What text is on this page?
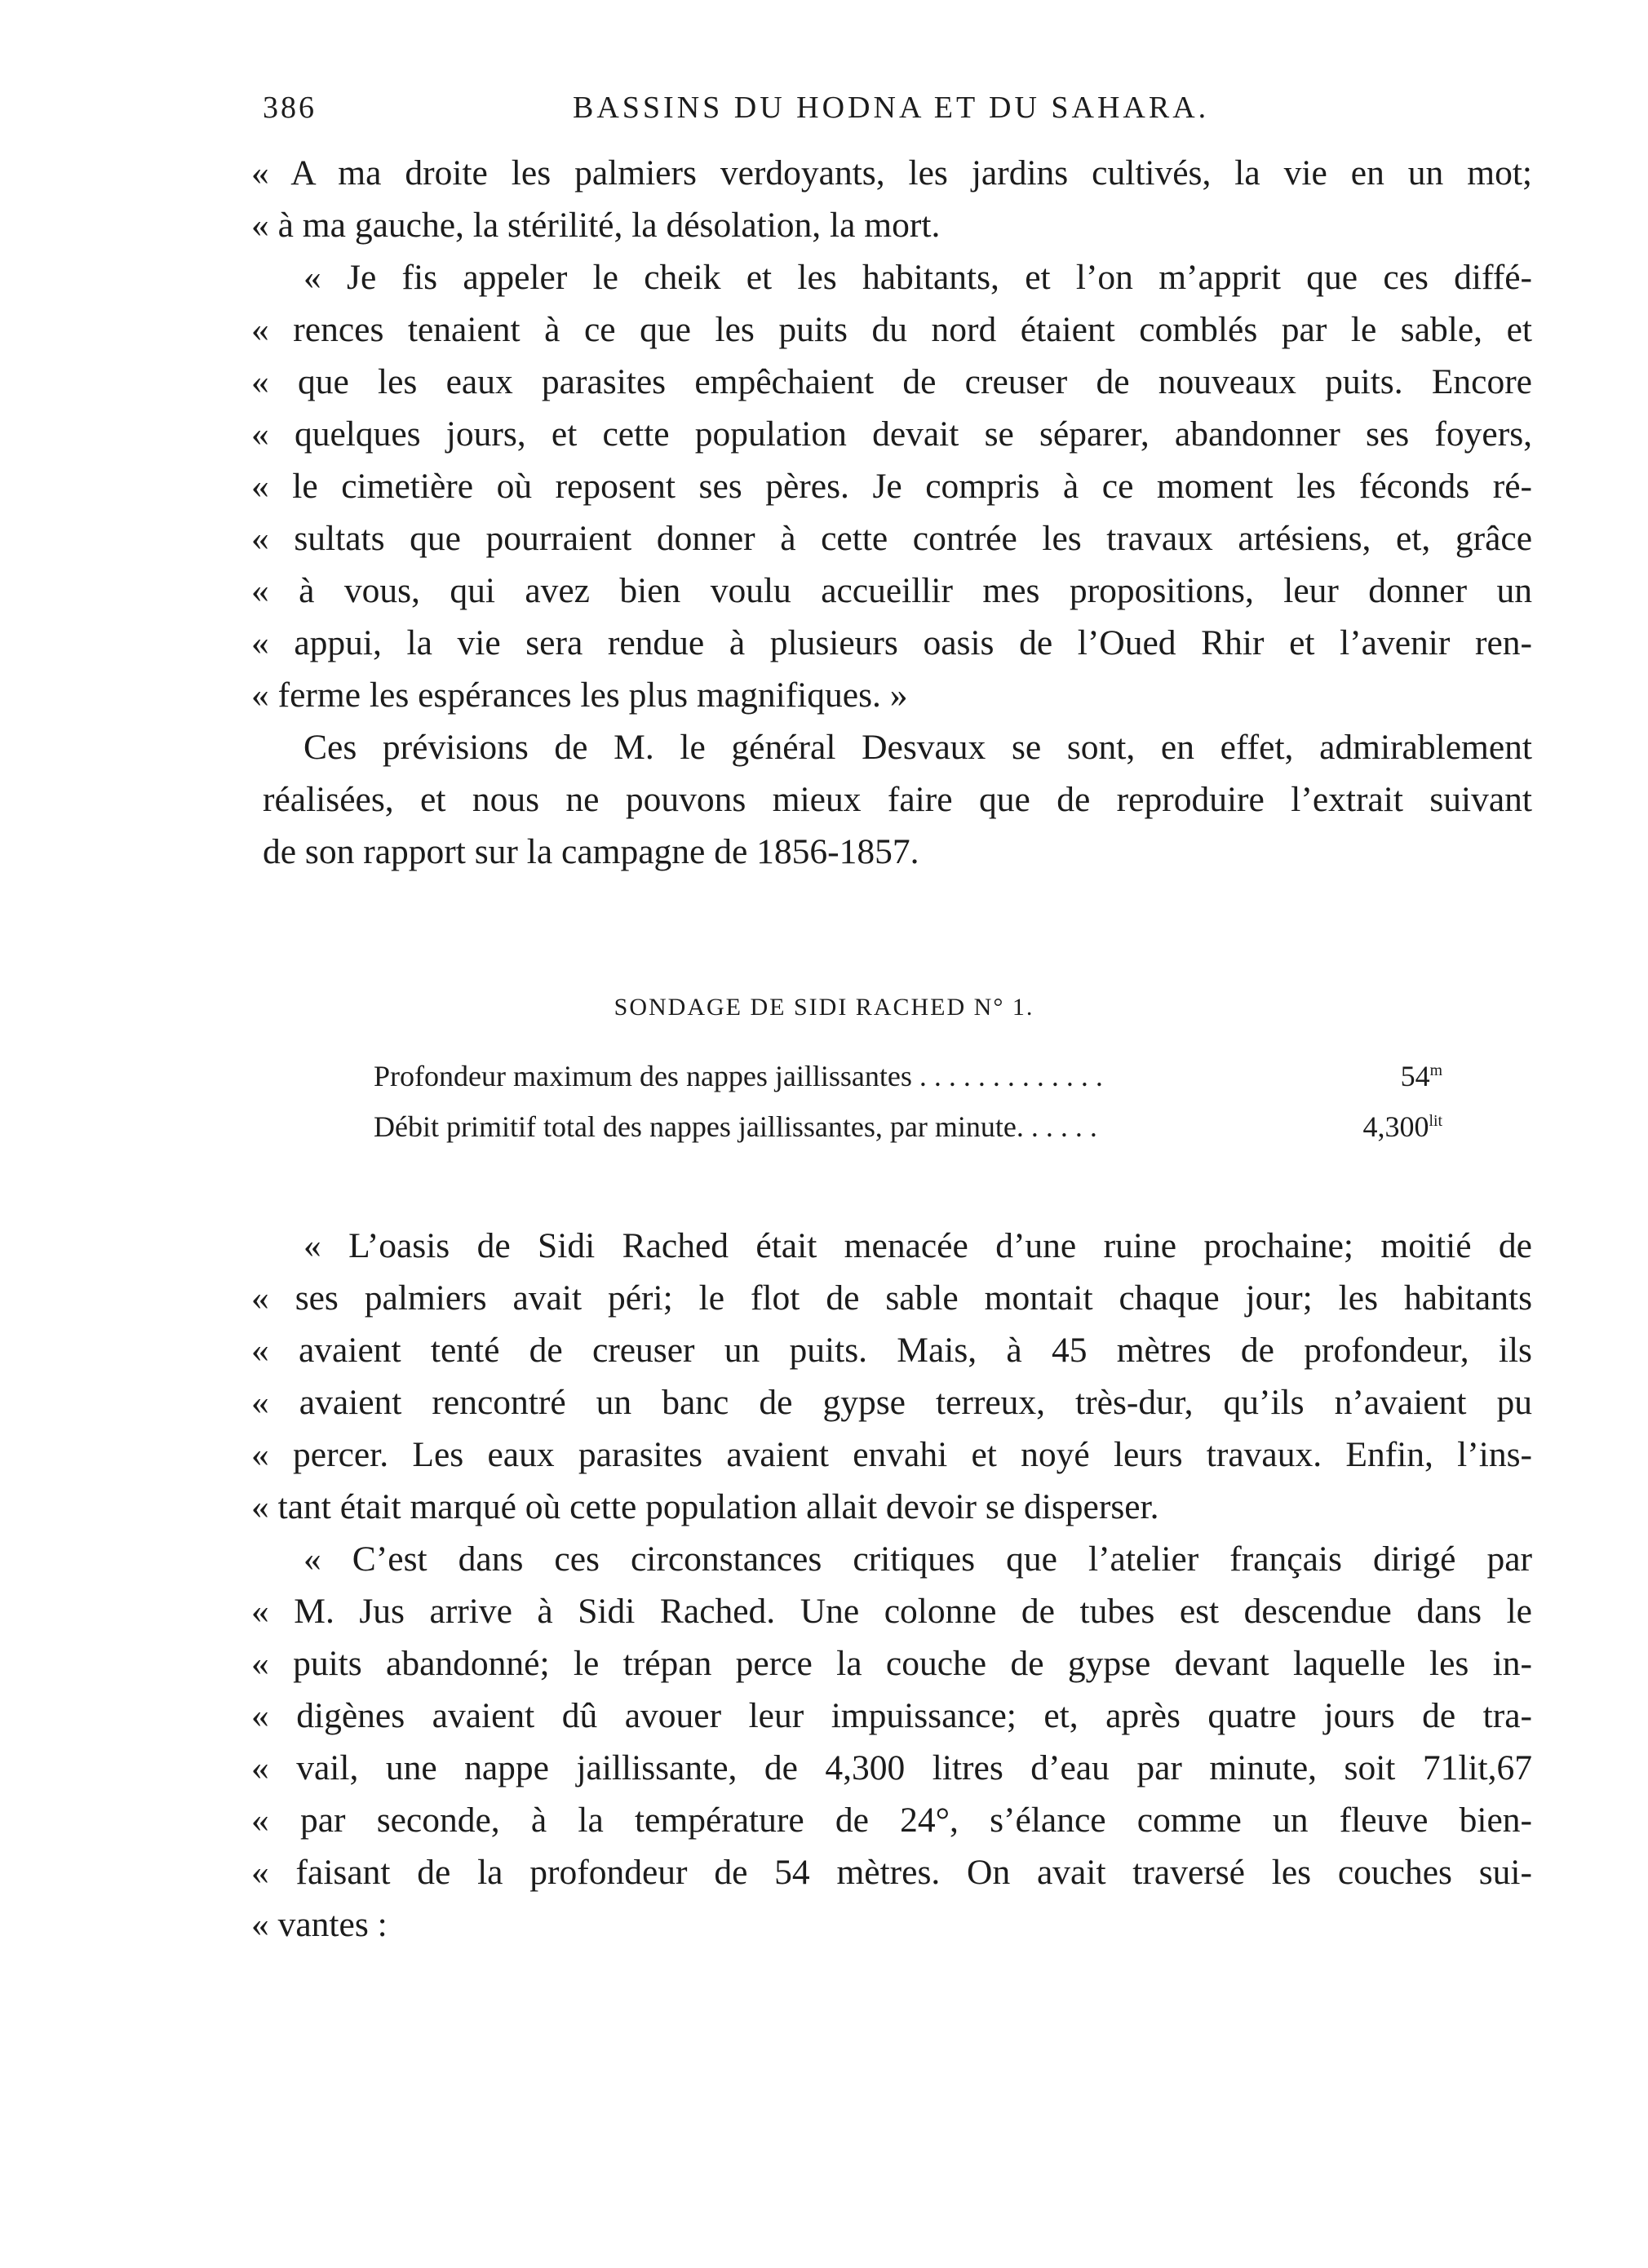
386	BASSINS DU HODNA ET DU SAHARA.
« A ma droite les palmiers verdoyants, les jardins cultivés, la vie en un mot;
« à ma gauche, la stérilité, la désolation, la mort.
« Je fis appeler le cheik et les habitants, et l’on m’apprit que ces diffé-
« rences tenaient à ce que les puits du nord étaient comblés par le sable, et
« que les eaux parasites empêchaient de creuser de nouveaux puits. Encore
« quelques jours, et cette population devait se séparer, abandonner ses foyers,
« le cimetière où reposent ses pères. Je compris à ce moment les féconds ré-
« sultats que pourraient donner à cette contrée les travaux artésiens, et, grâce
« à vous, qui avez bien voulu accueillir mes propositions, leur donner un
« appui, la vie sera rendue à plusieurs oasis de l’Oued Rhir et l’avenir ren-
« ferme les espérances les plus magnifiques. »
Ces prévisions de M. le général Desvaux se sont, en effet, admirablement
réalisées, et nous ne pouvons mieux faire que de reproduire l’extrait suivant
de son rapport sur la campagne de 1856-1857.
SONDAGE DE SIDI RACHED N° 1.
Profondeur maximum des nappes jaillissantes . . . . . . . . . . . . .	54$^m$
Débit primitif total des nappes jaillissantes, par minute. . . . . .	$4,300^{lit}$
« L’oasis de Sidi Rached était menacée d’une ruine prochaine; moitié de
« ses palmiers avait péri; le flot de sable montait chaque jour; les habitants
« avaient tenté de creuser un puits. Mais, à 45 mètres de profondeur, ils
« avaient rencontré un banc de gypse terreux, très-dur, qu’ils n’avaient pu
« percer. Les eaux parasites avaient envahi et noyé leurs travaux. Enfin, l’ins-
« tant était marqué où cette population allait devoir se disperser.
« C’est dans ces circonstances critiques que l’atelier français dirigé par
« M. Jus arrive à Sidi Rached. Une colonne de tubes est descendue dans le
« puits abandonné; le trépan perce la couche de gypse devant laquelle les in-
« digènes avaient dû avouer leur impuissance; et, après quatre jours de tra-
« vail, une nappe jaillissante, de 4,300 litres d’eau par minute, soit 71lit,67
« par seconde, à la température de 24°, s’élance comme un fleuve bien-
« faisant de la profondeur de 54 mètres. On avait traversé les couches sui-
« vantes :
